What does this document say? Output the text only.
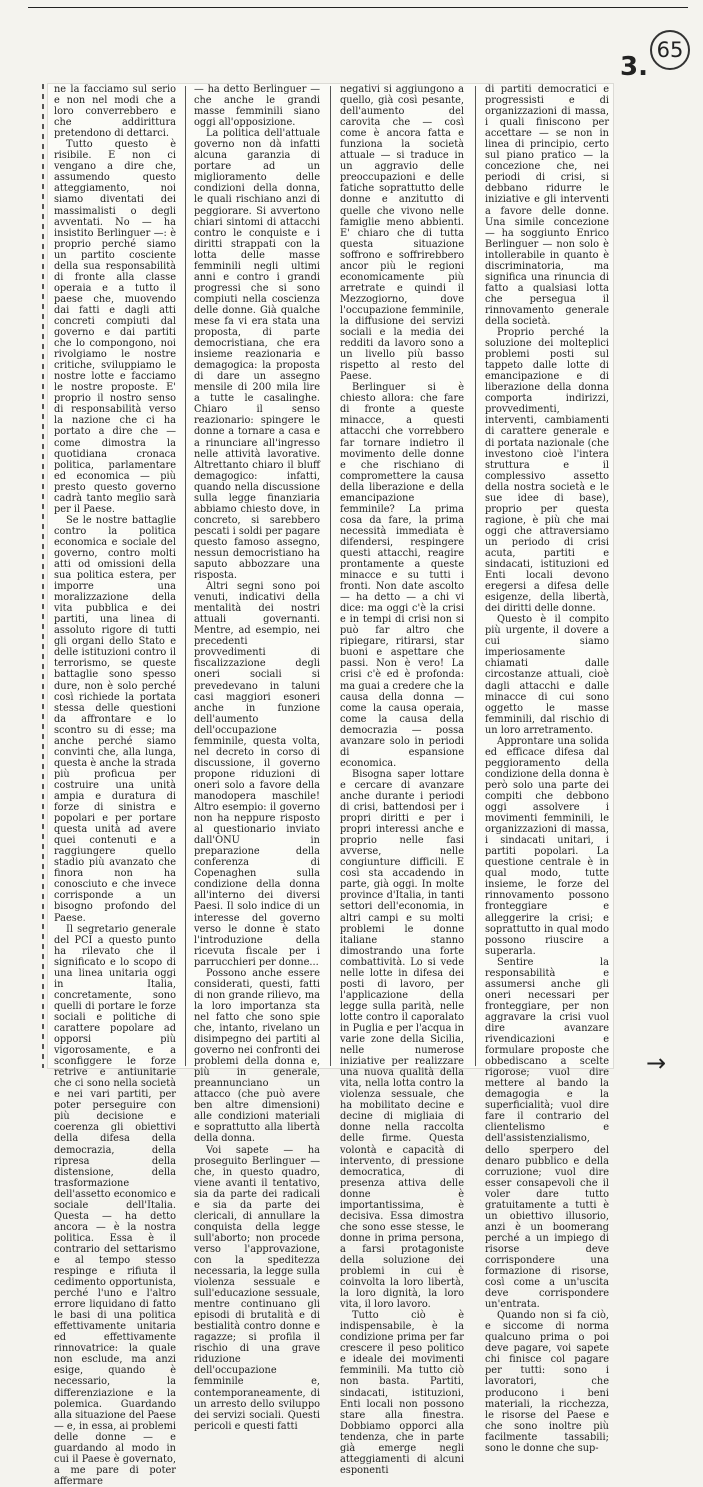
65
3.

ne la facciamo sul serio e non nel modi che a loro converrebbero e che addirittura pretendono di dettarci.

Tutto questo è risibile. E non ci vengano a dire che, assumendo questo atteggiamento, noi siamo diventati dei massimalisti o degli avventati. No — ha insistito Berlinguer —: è proprio perché siamo un partito cosciente della sua responsabilità di fronte alla classe operaia e a tutto il paese che, muovendo dai fatti e dagli atti concreti compiuti dal governo e dai partiti che lo compongono, noi rivolgiamo le nostre critiche, sviluppiamo le nostre lotte e facciamo le nostre proposte. E' proprio il nostro senso di responsabilità verso la nazione che ci ha portato a dire che — come dimostra la quotidiana cronaca politica, parlamentare ed economica — più presto questo governo cadrà tanto meglio sarà per il Paese.

Se le nostre battaglie contro la politica economica e sociale del governo, contro molti atti od omissioni della sua politica estera, per imporre una moralizzazione della vita pubblica e dei partiti, una linea di assoluto rigore di tutti gli organi dello Stato e delle istituzioni contro il terrorismo, se queste battaglie sono spesso dure, non è solo perché così richiede la portata stessa delle questioni da affrontare e lo scontro su di esse; ma anche perché siamo convinti che, alla lunga, questa è anche la strada più proficua per costruire una unità ampia e duratura di forze di sinistra e popolari e per portare questa unità ad avere quei contenuti e a raggiungere quello stadio più avanzato che finora non ha conosciuto e che invece corrisponde a un bisogno profondo del Paese.

Il segretario generale del PCI a questo punto ha rilevato che il significato e lo scopo di una linea unitaria oggi in Italia, concretamente, sono quelli di portare le forze sociali e politiche di carattere popolare ad opporsi più vigorosamente, e a sconfiggere le forze retrive e antiunitarie che ci sono nella società e nei vari partiti, per poter perseguire con più decisione e coerenza gli obiettivi della difesa della democrazia, della ripresa della distensione, della trasformazione dell'assetto economico e sociale dell'Italia. Questa — ha detto ancora — è la nostra politica. Essa è il contrario del settarismo e al tempo stesso respinge e rifiuta il cedimento opportunista, perché l'uno e l'altro errore liquidano di fatto le basi di una politica effettivamente unitaria ed effettivamente rinnovatrice: la quale non esclude, ma anzi esige, quando è necessario, la differenziazione e la polemica. Guardando alla situazione del Paese — e, in essa, ai problemi delle donne — e guardando al modo in cui il Paese è governato, a me pare di poter affermare

— ha detto Berlinguer — che anche le grandi masse femminili siano oggi all'opposizione.

La politica dell'attuale governo non dà infatti alcuna garanzia di portare ad un miglioramento delle condizioni della donna, le quali rischiano anzi di peggiorare. Si avvertono chiari sintomi di attacchi contro le conquiste e i diritti strappati con la lotta delle masse femminili negli ultimi anni e contro i grandi progressi che si sono compiuti nella coscienza delle donne. Già qualche mese fa vi era stata una proposta, di parte democristiana, che era insieme reazionaria e demagogica: la proposta di dare un assegno mensile di 200 mila lire a tutte le casalinghe. Chiaro il senso reazionario: spingere le donne a tornare a casa e a rinunciare all'ingresso nelle attività lavorative. Altrettanto chiaro il bluff demagogico: infatti, quando nella discussione sulla legge finanziaria abbiamo chiesto dove, in concreto, si sarebbero pescati i soldi per pagare questo famoso assegno, nessun democristiano ha saputo abbozzare una risposta.

Altri segni sono poi venuti, indicativi della mentalità dei nostri attuali governanti. Mentre, ad esempio, nei precedenti provvedimenti di fiscalizzazione degli oneri sociali si prevedevano in taluni casi maggiori esoneri anche in funzione dell'aumento dell'occupazione femminile, questa volta, nel decreto in corso di discussione, il governo propone riduzioni di oneri solo a favore della manodopera maschile! Altro esempio: il governo non ha neppure risposto al questionario inviato dall'ONU in preparazione della conferenza di Copenaghen sulla condizione della donna all'interno dei diversi Paesi. Il solo indice di un interesse del governo verso le donne è stato l'introduzione della ricevuta fiscale per i parrucchieri per donne...

Possono anche essere considerati, questi, fatti di non grande rilievo, ma la loro importanza sta nel fatto che sono spie che, intanto, rivelano un disimpegno dei partiti al governo nei confronti dei problemi della donna e, più in generale, preannunciano un attacco (che può avere ben altre dimensioni) alle condizioni materiali e soprattutto alla libertà della donna.

Voi sapete — ha proseguito Berlinguer — che, in questo quadro, viene avanti il tentativo, sia da parte dei radicali e sia da parte dei clericali, di annullare la conquista della legge sull'aborto; non procede verso l'approvazione, con la speditezza necessaria, la legge sulla violenza sessuale e sull'educazione sessuale, mentre continuano gli episodi di brutalità e di bestialità contro donne e ragazze; si profila il rischio di una grave riduzione dell'occupazione femminile e, contemporaneamente, di un arresto dello sviluppo dei servizi sociali. Questi pericoli e questi fatti

negativi si aggiungono a quello, già così pesante, dell'aumento del carovita che — così come è ancora fatta e funziona la società attuale — si traduce in un aggravio delle preoccupazioni e delle fatiche soprattutto delle donne e anzitutto di quelle che vivono nelle famiglie meno abbienti. E' chiaro che di tutta questa situazione soffrono e soffrirebbero ancor più le regioni economicamente più arretrate e quindi il Mezzogiorno, dove l'occupazione femminile, la diffusione dei servizi sociali e la media dei redditi da lavoro sono a un livello più basso rispetto al resto del Paese.

Berlinguer si è chiesto allora: che fare di fronte a queste minacce, a questi attacchi che vorrebbero far tornare indietro il movimento delle donne e che rischiano di compromettere la causa della liberazione e della emancipazione femminile? La prima cosa da fare, la prima necessità immediata è difendersi, respingere questi attacchi, reagire prontamente a queste minacce e su tutti i fronti. Non date ascolto — ha detto — a chi vi dice: ma oggi c'è la crisi e in tempi di crisi non si può far altro che ripiegare, ritirarsi, star buoni e aspettare che passi. Non è vero! La crisi c'è ed è profonda: ma guai a credere che la causa della donna — come la causa operaia, come la causa della democrazia — possa avanzare solo in periodi di espansione economica.

Bisogna saper lottare e cercare di avanzare anche durante i periodi di crisi, battendosi per i propri diritti e per i propri interessi anche e proprio nelle fasi avverse, nelle congiunture difficili. E così sta accadendo in parte, già oggi. In molte province d'Italia, in tanti settori dell'economia, in altri campi e su molti problemi le donne italiane stanno dimostrando una forte combattività. Lo si vede nelle lotte in difesa dei posti di lavoro, per l'applicazione della legge sulla parità, nelle lotte contro il caporalato in Puglia e per l'acqua in varie zone della Sicilia, nelle numerose iniziative per realizzare una nuova qualità della vita, nella lotta contro la violenza sessuale, che ha mobilitato decine e decine di migliaia di donne nella raccolta delle firme. Questa volontà e capacità di intervento, di pressione democratica, di presenza attiva delle donne è importantissima, è decisiva. Essa dimostra che sono esse stesse, le donne in prima persona, a farsi protagoniste della soluzione dei problemi in cui è coinvolta la loro libertà, la loro dignità, la loro vita, il loro lavoro.

Tutto ciò è indispensabile, è la condizione prima per far crescere il peso politico e ideale dei movimenti femminili. Ma tutto ciò non basta. Partiti, sindacati, istituzioni, Enti locali non possono stare alla finestra. Dobbiamo opporci alla tendenza, che in parte già emerge negli atteggiamenti di alcuni esponenti

di partiti democratici e progressisti e di organizzazioni di massa, i quali finiscono per accettare — se non in linea di principio, certo sul piano pratico — la concezione che, nei periodi di crisi, si debbano ridurre le iniziative e gli interventi a favore delle donne. Una simile concezione — ha soggiunto Enrico Berlinguer — non solo è intollerabile in quanto è discriminatoria, ma significa una rinuncia di fatto a qualsiasi lotta che persegua il rinnovamento generale della società.

Proprio perché la soluzione dei molteplici problemi posti sul tappeto dalle lotte di emancipazione e di liberazione della donna comporta indirizzi, provvedimenti, interventi, cambiamenti di carattere generale e di portata nazionale (che investono cioè l'intera struttura e il complessivo assetto della nostra società e le sue idee di base), proprio per questa ragione, è più che mai oggi che attraversiamo un periodo di crisi acuta, partiti e sindacati, istituzioni ed Enti locali devono eregersi a difesa delle esigenze, della libertà, dei diritti delle donne.

Questo è il compito più urgente, il dovere a cui siamo imperiosamente chiamati dalle circostanze attuali, cioè dagli attacchi e dalle minacce di cui sono oggetto le masse femminili, dal rischio di un loro arretramento.

Approntare una solida ed efficace difesa dal peggioramento della condizione della donna è però solo una parte dei compiti che debbono oggi assolvere i movimenti femminili, le organizzazioni di massa, i sindacati unitari, i partiti popolari. La questione centrale è in qual modo, tutte insieme, le forze del rinnovamento possono fronteggiare e alleggerire la crisi; e soprattutto in qual modo possono riuscire a superarla.

Sentire la responsabilità e assumersi anche gli oneri necessari per fronteggiare, per non aggravare la crisi vuol dire avanzare rivendicazioni e formulare proposte che obbediscano a scelte rigorose; vuol dire mettere al bando la demagogia e la superficialità; vuol dire fare il contrario del clientelismo e dell'assistenzialismo, dello sperpero del denaro pubblico e della corruzione; vuol dire esser consapevoli che il voler dare tutto gratuitamente a tutti è un obiettivo illusorio, anzi è un boomerang perché a un impiego di risorse deve corrispondere una formazione di risorse, così come a un'uscita deve corrispondere un'entrata.

Quando non si fa ciò, e siccome di norma qualcuno prima o poi deve pagare, voi sapete chi finisce col pagare per tutti: sono i lavoratori, che producono i beni materiali, la ricchezza, le risorse del Paese e che sono inoltre più facilmente tassabili; sono le donne che sup-

→
